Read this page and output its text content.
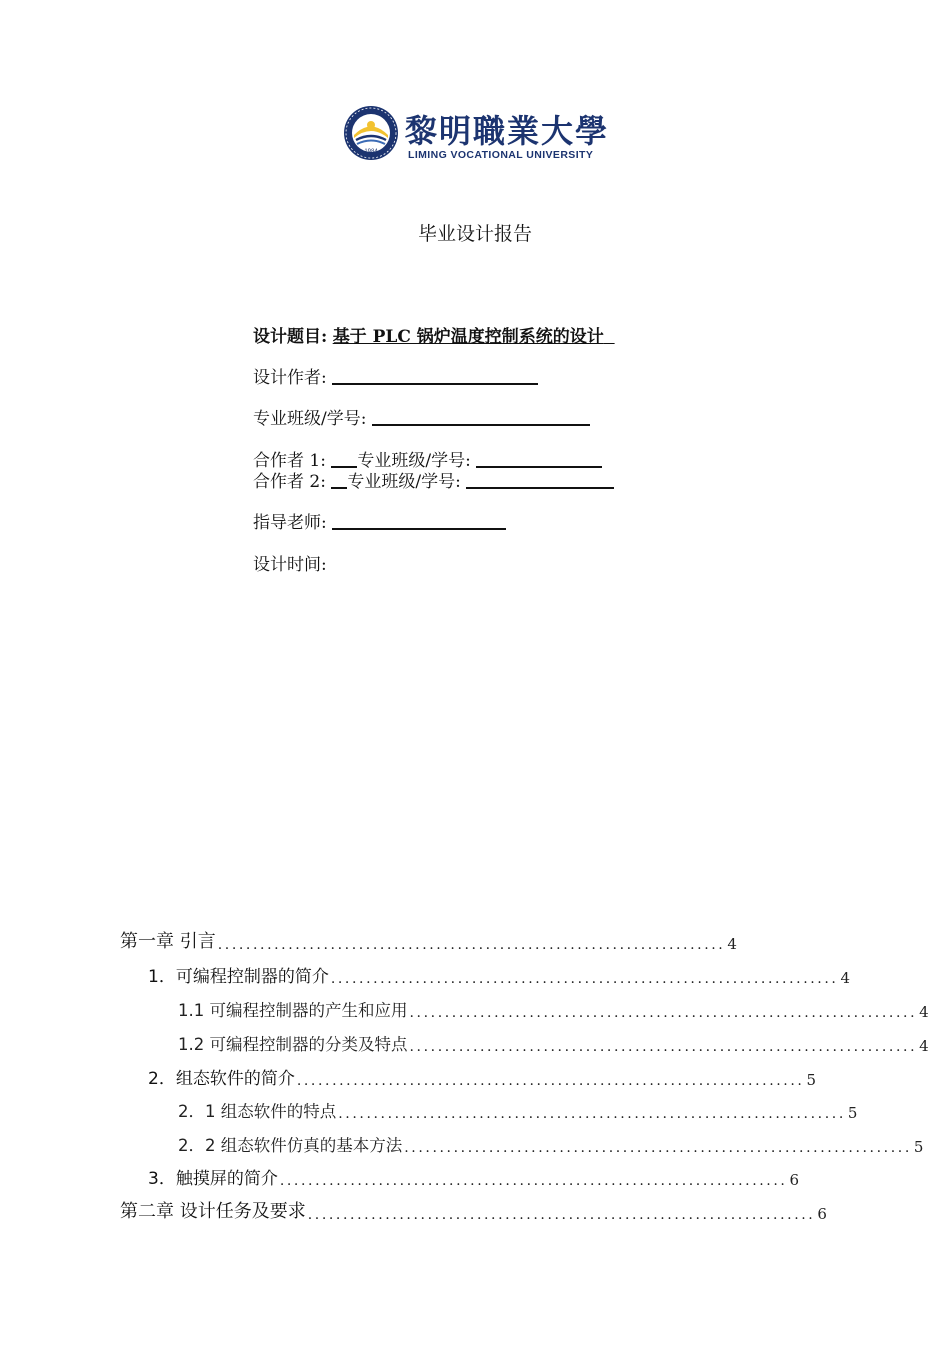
1984
黎明職業大學
LIMING VOCATIONAL UNIVERSITY
毕业设计报告
设计题目: 基于 PLC 锅炉温度控制系统的设计
设计作者:
专业班级/学号:
合作者 1: 专业班级/学号:
合作者 2: 专业班级/学号:
指导老师:
设计时间:
第一章 引言 ........................................................................ 4
1．可编程控制器的简介 ........................................................................ 4
1.1 可编程控制器的产生和应用 ........................................................................ 4
1.2 可编程控制器的分类及特点 ........................................................................ 4
2．组态软件的简介 ........................................................................ 5
2．1 组态软件的特点 ........................................................................ 5
2．2 组态软件仿真的基本方法 ........................................................................ 5
3．触摸屏的简介 ........................................................................ 6
第二章 设计任务及要求 ........................................................................ 6
